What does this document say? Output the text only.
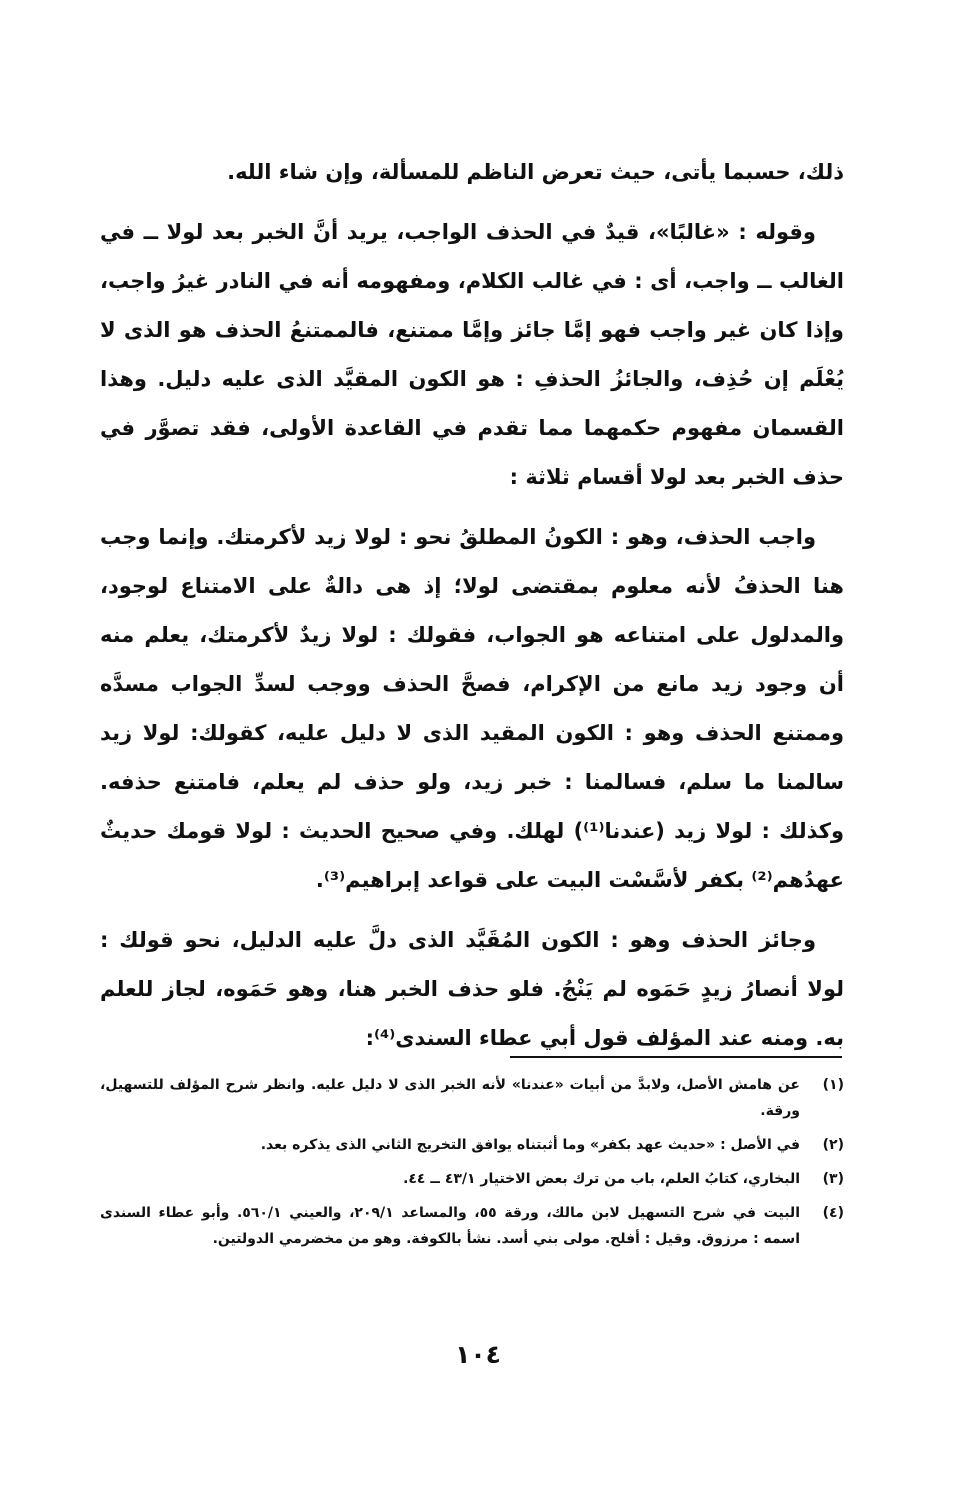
ذلك، حسبما يأتى، حيث تعرض الناظم للمسألة، وإن شاء الله.

وقوله : «غالبًا»، قيدٌ في الحذف الواجب، يريد أنَّ الخبر بعد لولا ــ في الغالب ــ واجب، أى : في غالب الكلام، ومفهومه أنه في النادر غيرُ واجب، وإذا كان غير واجب فهو إمَّا جائز وإمَّا ممتنع، فالممتنعُ الحذف هو الذى لا يُعْلَم إن حُذِف، والجائزُ الحذفِ : هو الكون المقيَّد الذى عليه دليل. وهذا القسمان مفهوم حكمهما مما تقدم في القاعدة الأولى، فقد تصوَّر في حذف الخبر بعد لولا أقسام ثلاثة :

واجب الحذف، وهو : الكونُ المطلقُ نحو : لولا زيد لأكرمتك. وإنما وجب هنا الحذفُ لأنه معلوم بمقتضى لولا؛ إذ هى دالةٌ على الامتناع لوجود، والمدلول على امتناعه هو الجواب، فقولك : لولا زيدٌ لأكرمتك، يعلم منه أن وجود زيد مانع من الإكرام، فصحَّ الحذف ووجب لسدِّ الجواب مسدَّه وممتنع الحذف وهو : الكون المقيد الذى لا دليل عليه، كقولك: لولا زيد سالمنا ما سلم، فسالمنا : خبر زيد، ولو حذف لم يعلم، فامتنع حذفه. وكذلك : لولا زيد (عندنا⁽¹⁾) لهلك. وفي صحيح الحديث : لولا قومك حديثٌ عهدُهم⁽²⁾ بكفر لأسَّسْت البيت على قواعد إبراهيم⁽³⁾.

وجائز الحذف وهو : الكون المُقَيَّد الذى دلَّ عليه الدليل، نحو قولك : لولا أنصارُ زيدٍ حَمَوه لم يَنْجُ. فلو حذف الخبر هنا، وهو حَمَوه، لجاز للعلم به. ومنه عند المؤلف قول أبي عطاء السندى⁽⁴⁾:

(١)
عن هامش الأصل، ولابدَّ من أبيات «عندنا» لأنه الخبر الذى لا دليل عليه. وانظر شرح المؤلف للتسهيل، ورقة.
(٢)
في الأصل : «حديث عهد بكفر» وما أثبتناه يوافق التخريج الثاني الذى يذكره بعد.
(٣)
البخاري، كتابُ العلم، باب من ترك بعض الاختيار ٤٣/١ ــ ٤٤.
(٤)
البيت في شرح التسهيل لابن مالك، ورقة ٥٥، والمساعد ٢٠٩/١، والعيني ٥٦٠/١. وأبو عطاء السندى اسمه : مرزوق. وقيل : أفلح. مولى بني أسد. نشأ بالكوفة. وهو من مخضرمي الدولتين.
١٠٤
